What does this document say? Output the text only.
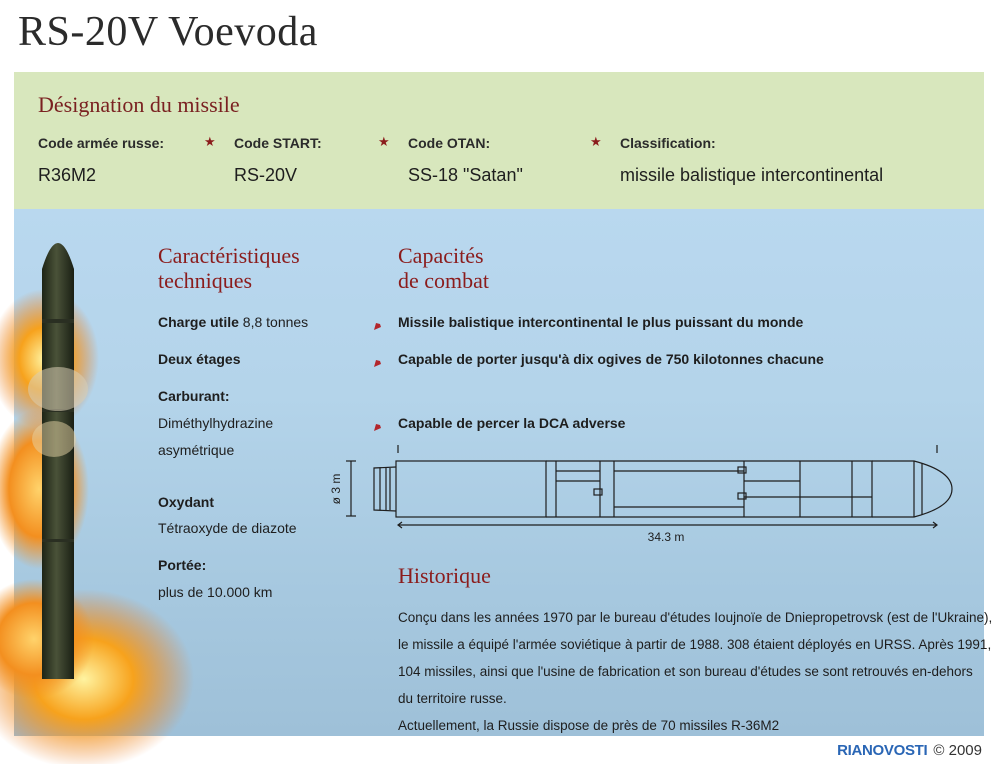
RS-20V Voevoda
Désignation du missile
Code armée russe:
R36M2
★ Code START:
RS-20V
★ Code OTAN:
SS-18 "Satan"
★ Classification:
missile balistique intercontinental
Caractéristiques
techniques
Charge utile 8,8 tonnes
Deux étages
Carburant:
Diméthylhydrazine
asymétrique
Oxydant
Tétraoxyde de diazote
Portée:
plus de 10.000 km
Capacités
de combat
Missile balistique intercontinental le plus puissant du monde
Capable de porter jusqu'à dix ogives de 750 kilotonnes chacune
Capable de percer la DCA adverse
ø 3 m
34.3 m
Historique
Conçu dans les années 1970 par le bureau d'études Ioujnoïe de Dniepropetrovsk (est de l'Ukraine),
le missile a équipé l'armée soviétique à partir de 1988. 308 étaient déployés en URSS. Après 1991,
104 missiles, ainsi que l'usine de fabrication et son bureau d'études se sont retrouvés en-dehors
du territoire russe.
Actuellement, la Russie dispose de près de 70 missiles R-36M2
RIANOVOSTI © 2009
